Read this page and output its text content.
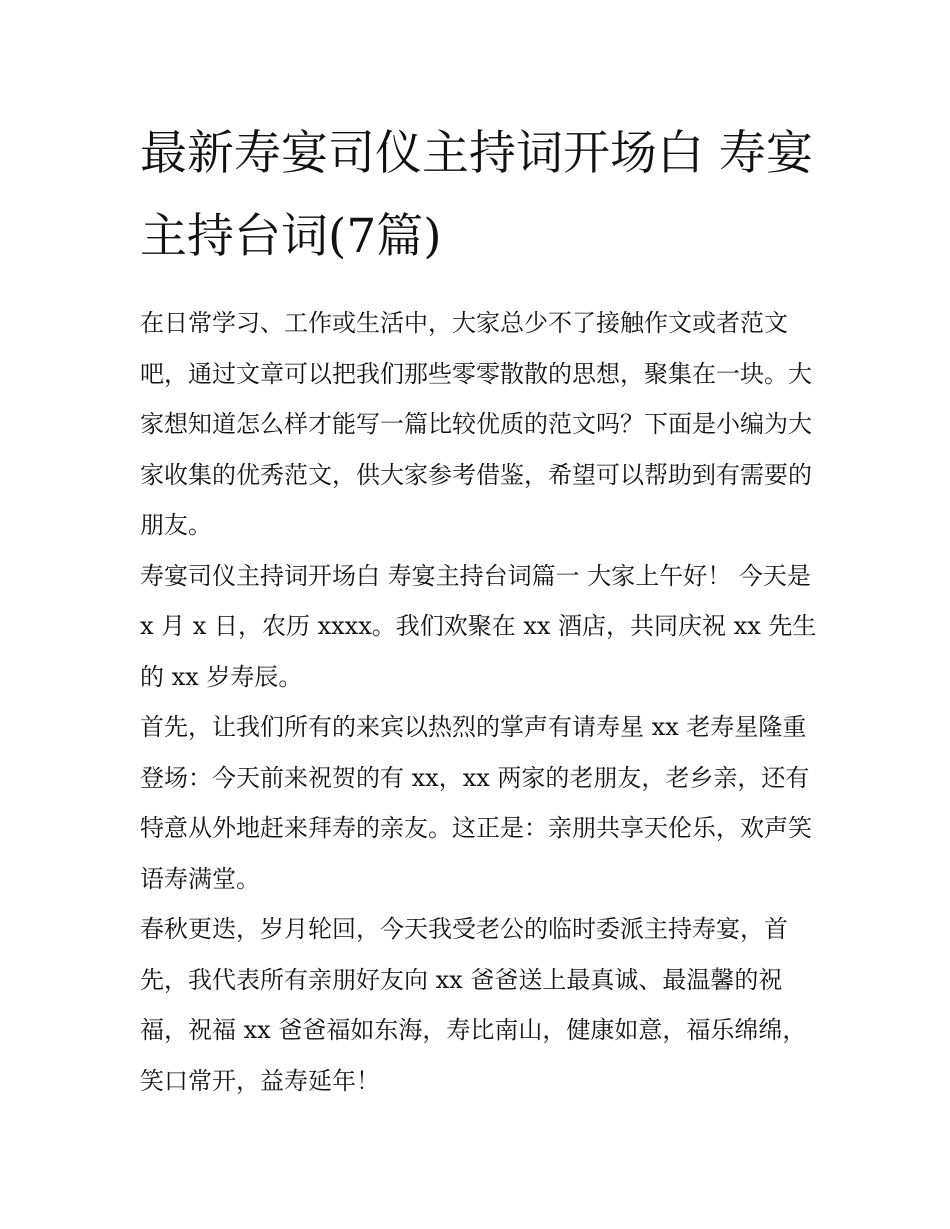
最新寿宴司仪主持词开场白 寿宴主持台词(7篇)

在日常学习、工作或生活中，大家总少不了接触作文或者范文吧，通过文章可以把我们那些零零散散的思想，聚集在一块。大家想知道怎么样才能写一篇比较优质的范文吗？下面是小编为大家收集的优秀范文，供大家参考借鉴，希望可以帮助到有需要的朋友。

寿宴司仪主持词开场白 寿宴主持台词篇一 大家上午好！ 今天是 x 月 x 日，农历 xxxx。我们欢聚在 xx 酒店，共同庆祝 xx 先生的 xx 岁寿辰。

首先，让我们所有的来宾以热烈的掌声有请寿星 xx 老寿星隆重登场：今天前来祝贺的有 xx，xx 两家的老朋友，老乡亲，还有特意从外地赶来拜寿的亲友。这正是：亲朋共享天伦乐，欢声笑语寿满堂。

春秋更迭，岁月轮回，今天我受老公的临时委派主持寿宴，首先，我代表所有亲朋好友向 xx 爸爸送上最真诚、最温馨的祝福，祝福 xx 爸爸福如东海，寿比南山，健康如意，福乐绵绵，笑口常开，益寿延年！
